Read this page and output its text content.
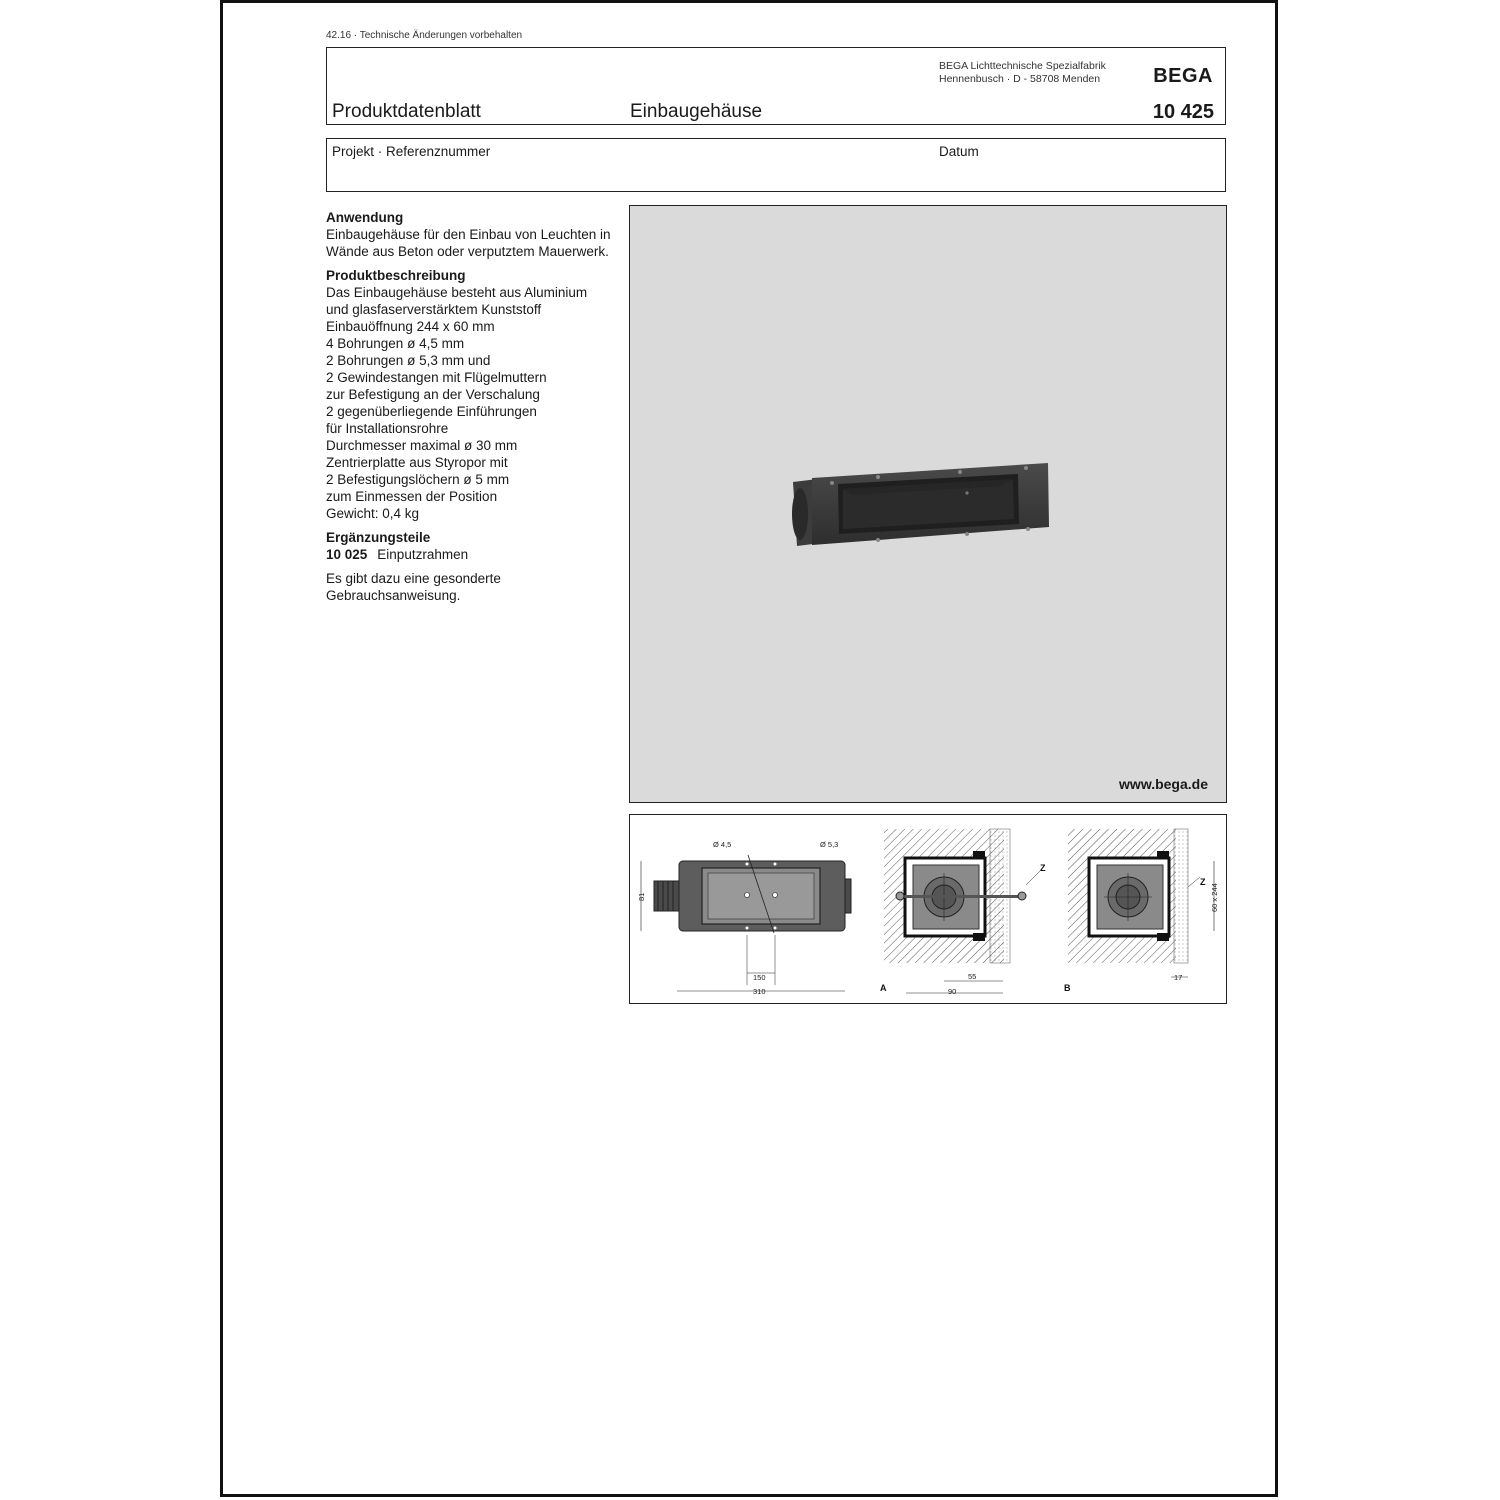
42.16 · Technische Änderungen vorbehalten
BEGA Lichttechnische Spezialfabrik
Hennenbusch · D - 58708 Menden	BEGA
Produktdatenblatt	Einbaugehäuse	10 425
Projekt · Referenznummer	Datum
Anwendung

Einbaugehäuse für den Einbau von Leuchten in Wände aus Beton oder verputztem Mauerwerk.

Produktbeschreibung

Das Einbaugehäuse besteht aus Aluminium
und glasfaserverstärktem Kunststoff
Einbauöffnung 244 x 60 mm
4 Bohrungen ø 4,5 mm
2 Bohrungen ø 5,3 mm und
2 Gewindestangen mit Flügelmuttern
zur Befestigung an der Verschalung
2 gegenüberliegende Einführungen
für Installationsrohre
Durchmesser maximal ø 30 mm
Zentrierplatte aus Styropor mit
2 Befestigungslöchern ø 5 mm
zum Einmessen der Position
Gewicht: 0,4 kg

Ergänzungsteile

10 025 Einputzrahmen

Es gibt dazu eine gesonderte
Gebrauchsanweisung.

www.bega.de
Ø 4,5	Ø 5,3
81
150
310
Z
A
55
90
Z
60 x 244
B
17
